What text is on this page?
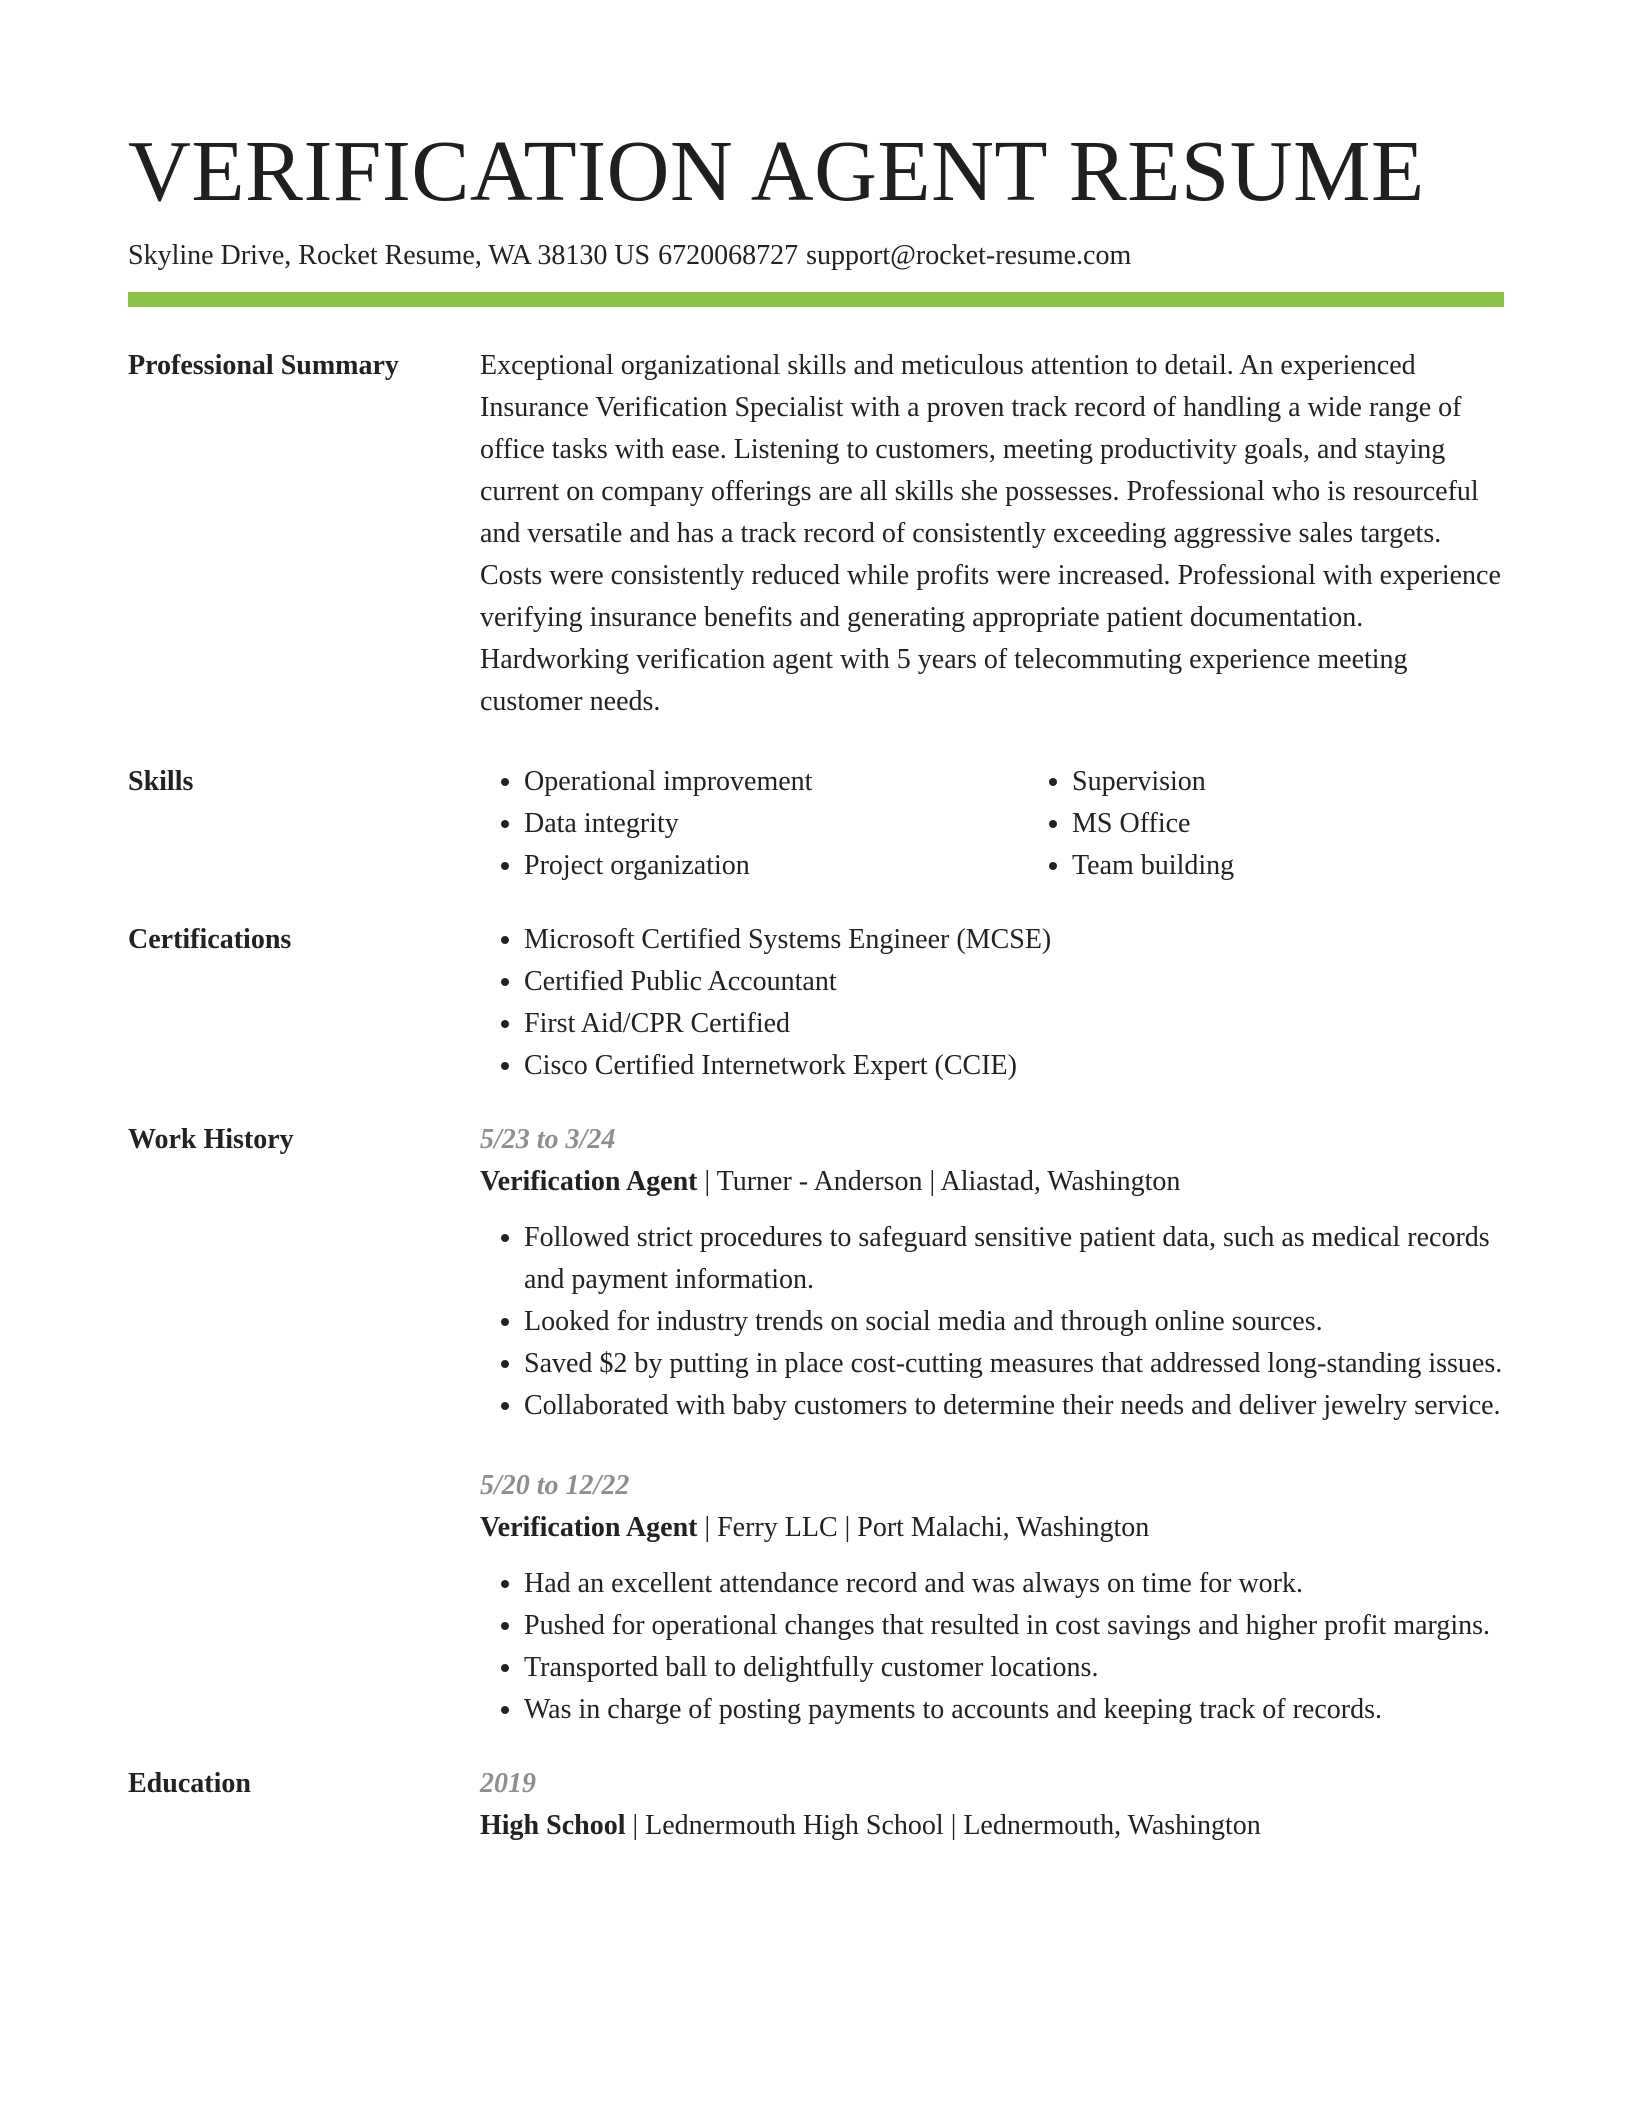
VERIFICATION AGENT RESUME
Skyline Drive, Rocket Resume, WA 38130 US 6720068727 support@rocket-resume.com
Professional Summary	Exceptional organizational skills and meticulous attention to detail. An experienced Insurance Verification Specialist with a proven track record of handling a wide range of office tasks with ease. Listening to customers, meeting productivity goals, and staying current on company offerings are all skills she possesses. Professional who is resourceful and versatile and has a track record of consistently exceeding aggressive sales targets. Costs were consistently reduced while profits were increased. Professional with experience verifying insurance benefits and generating appropriate patient documentation. Hardworking verification agent with 5 years of telecommuting experience meeting customer needs.

Skills	• Operational improvement
• Data integrity
• Project organization
• Supervision
• MS Office
• Team building
Certifications	• Microsoft Certified Systems Engineer (MCSE)
• Certified Public Accountant
• First Aid/CPR Certified
• Cisco Certified Internetwork Expert (CCIE)
Work History	5/23 to 3/24
Verification Agent | Turner - Anderson | Aliastad, Washington
• Followed strict procedures to safeguard sensitive patient data, such as medical records and payment information.
• Looked for industry trends on social media and through online sources.
• Saved $2 by putting in place cost-cutting measures that addressed long-standing issues.
• Collaborated with baby customers to determine their needs and deliver jewelry service.
5/20 to 12/22
Verification Agent | Ferry LLC | Port Malachi, Washington
• Had an excellent attendance record and was always on time for work.
• Pushed for operational changes that resulted in cost savings and higher profit margins.
• Transported ball to delightfully customer locations.
• Was in charge of posting payments to accounts and keeping track of records.
Education	2019
High School | Lednermouth High School | Lednermouth, Washington
